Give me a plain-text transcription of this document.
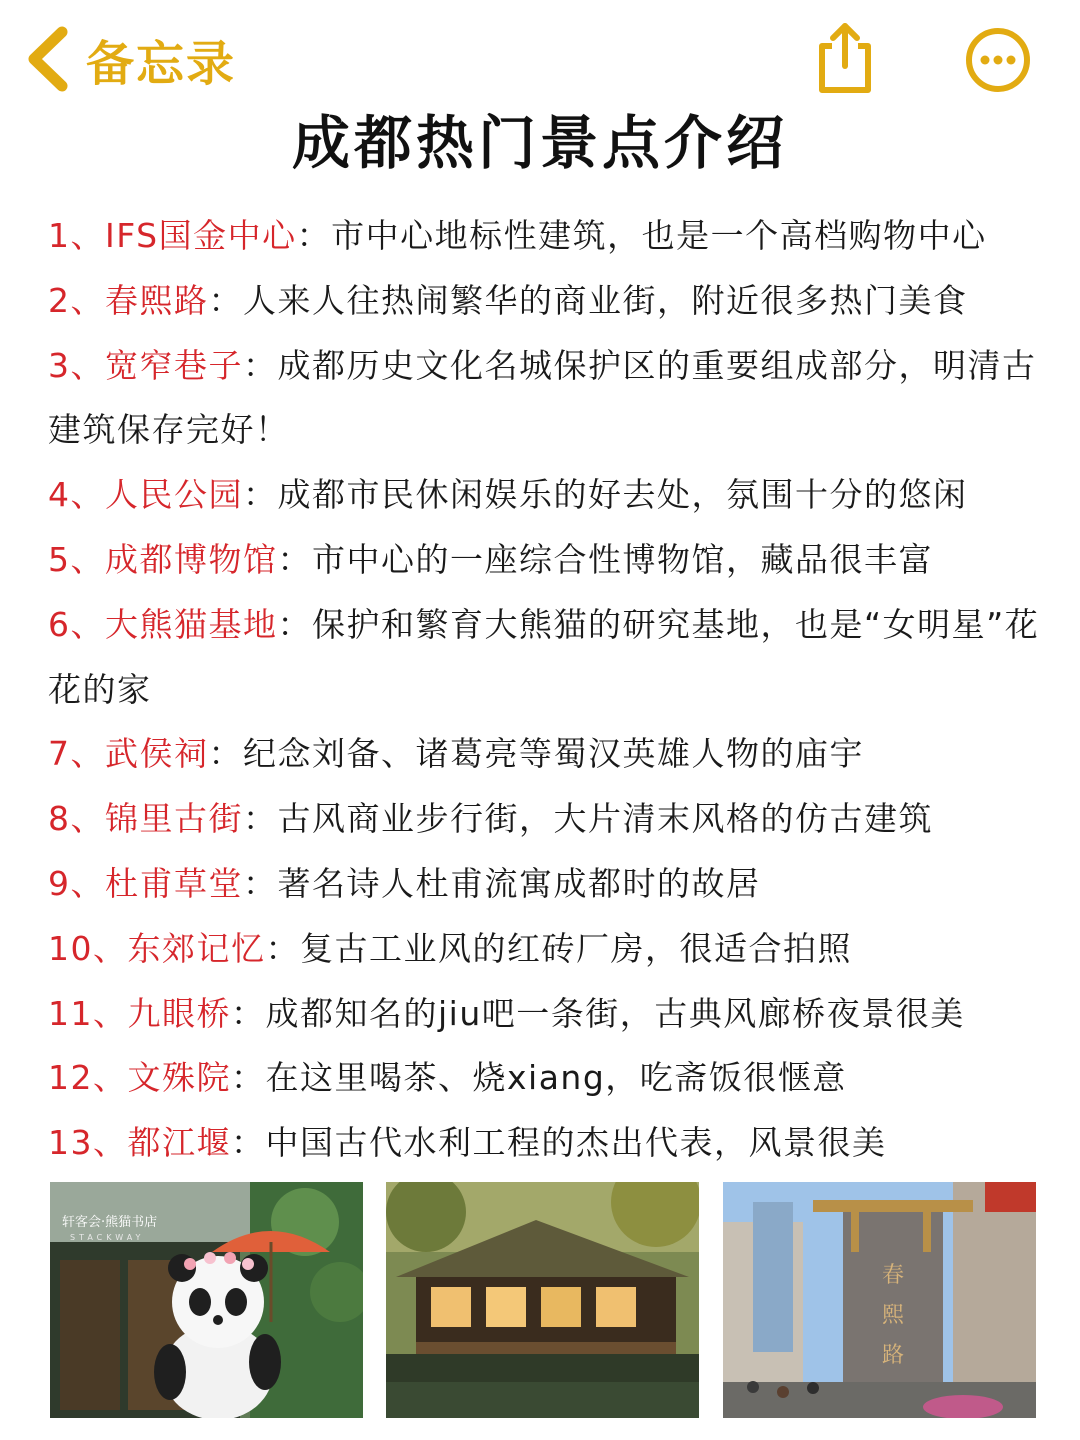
备忘录
成都热门景点介绍
1、IFS国金中心：市中心地标性建筑，也是一个高档购物中心
2、春熙路：人来人往热闹繁华的商业街，附近很多热门美食
3、宽窄巷子：成都历史文化名城保护区的重要组成部分，明清古建筑保存完好！
4、人民公园：成都市民休闲娱乐的好去处，氛围十分的悠闲
5、成都博物馆：市中心的一座综合性博物馆，藏品很丰富
6、大熊猫基地：保护和繁育大熊猫的研究基地，也是“女明星”花花的家
7、武侯祠：纪念刘备、诸葛亮等蜀汉英雄人物的庙宇
8、锦里古街：古风商业步行街，大片清末风格的仿古建筑
9、杜甫草堂：著名诗人杜甫流寓成都时的故居
10、东郊记忆：复古工业风的红砖厂房，很适合拍照
11、九眼桥：成都知名的jiu吧一条街，古典风廊桥夜景很美
12、文殊院：在这里喝茶、烧xiang，吃斋饭很惬意
13、都江堰：中国古代水利工程的杰出代表，风景很美
轩客会·熊猫书店
STACKWAY
春
熙
路
